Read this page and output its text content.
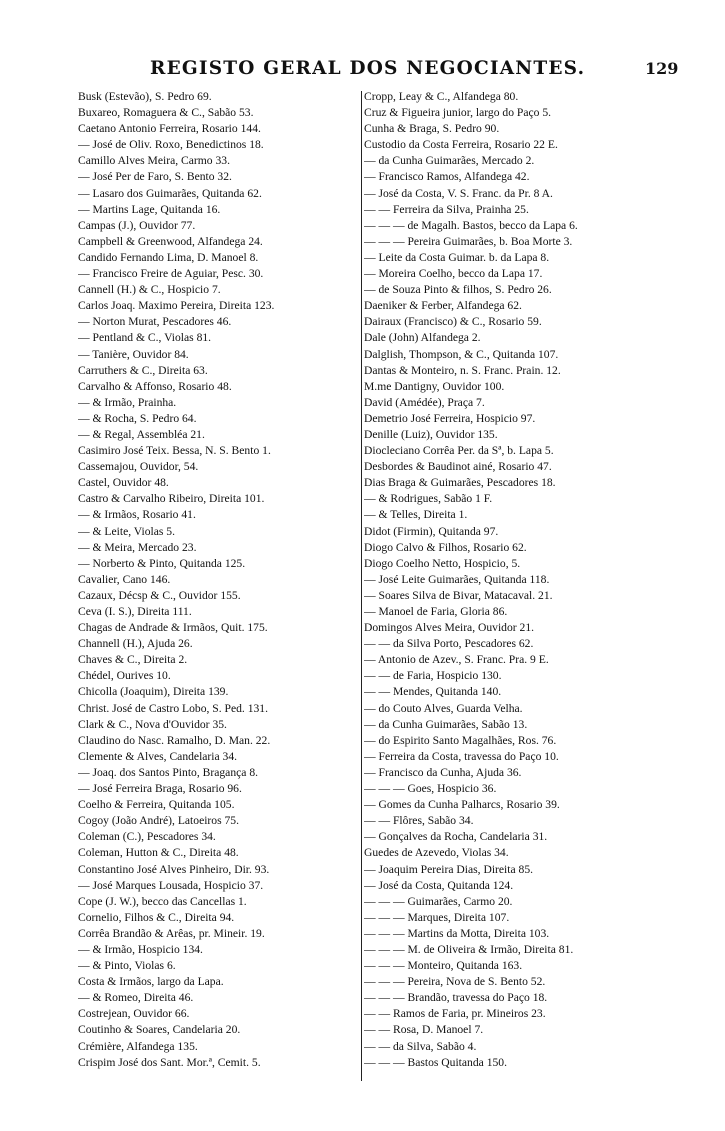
REGISTO GERAL DOS NEGOCIANTES.	129
Busk (Estevão), S. Pedro 69.
Buxareo, Romaguera & C., Sabão 53.
Caetano Antonio Ferreira, Rosario 144.
— José de Oliv. Roxo, Benedictinos 18.
Camillo Alves Meira, Carmo 33.
— José Per de Faro, S. Bento 32.
— Lasaro dos Guimarães, Quitanda 62.
— Martins Lage, Quitanda 16.
Campas (J.), Ouvidor 77.
Campbell & Greenwood, Alfandega 24.
Candido Fernando Lima, D. Manoel 8.
— Francisco Freire de Aguiar, Pesc. 30.
Cannell (H.) & C., Hospicio 7.
Carlos Joaq. Maximo Pereira, Direita 123.
— Norton Murat, Pescadores 46.
— Pentland & C., Violas 81.
— Tanière, Ouvidor 84.
Carruthers & C., Direita 63.
Carvalho & Affonso, Rosario 48.
— & Irmão, Prainha.
— & Rocha, S. Pedro 64.
— & Regal, Assembléa 21.
Casimiro José Teix. Bessa, N. S. Bento 1.
Cassemajou, Ouvidor, 54.
Castel, Ouvidor 48.
Castro & Carvalho Ribeiro, Direita 101.
— & Irmãos, Rosario 41.
— & Leite, Violas 5.
— & Meira, Mercado 23.
— Norberto & Pinto, Quitanda 125.
Cavalier, Cano 146.
Cazaux, Décsp & C., Ouvidor 155.
Ceva (I. S.), Direita 111.
Chagas de Andrade & Irmãos, Quit. 175.
Channell (H.), Ajuda 26.
Chaves & C., Direita 2.
Chédel, Ourives 10.
Chicolla (Joaquim), Direita 139.
Christ. José de Castro Lobo, S. Ped. 131.
Clark & C., Nova d'Ouvidor 35.
Claudino do Nasc. Ramalho, D. Man. 22.
Clemente & Alves, Candelaria 34.
— Joaq. dos Santos Pinto, Bragança 8.
— José Ferreira Braga, Rosario 96.
Coelho & Ferreira, Quitanda 105.
Cogoy (João André), Latoeiros 75.
Coleman (C.), Pescadores 34.
Coleman, Hutton & C., Direita 48.
Constantino José Alves Pinheiro, Dir. 93.
— José Marques Lousada, Hospicio 37.
Cope (J. W.), becco das Cancellas 1.
Cornelio, Filhos & C., Direita 94.
Corrêa Brandão & Arêas, pr. Mineir. 19.
— & Irmão, Hospicio 134.
— & Pinto, Violas 6.
Costa & Irmãos, largo da Lapa.
— & Romeo, Direita 46.
Costrejean, Ouvidor 66.
Coutinho & Soares, Candelaria 20.
Crémière, Alfandega 135.
Crispim José dos Sant. Mor.ª, Cemit. 5.
Cropp, Leay & C., Alfandega 80.
Cruz & Figueira junior, largo do Paço 5.
Cunha & Braga, S. Pedro 90.
Custodio da Costa Ferreira, Rosario 22 E.
— da Cunha Guimarães, Mercado 2.
— Francisco Ramos, Alfandega 42.
— José da Costa, V. S. Franc. da Pr. 8 A.
— — Ferreira da Silva, Prainha 25.
— — — de Magalh. Bastos, becco da Lapa 6.
— — — Pereira Guimarães, b. Boa Morte 3.
— Leite da Costa Guimar. b. da Lapa 8.
— Moreira Coelho, becco da Lapa 17.
— de Souza Pinto & filhos, S. Pedro 26.
Daeniker & Ferber, Alfandega 62.
Dairaux (Francisco) & C., Rosario 59.
Dale (John) Alfandega 2.
Dalglish, Thompson, & C., Quitanda 107.
Dantas & Monteiro, n. S. Franc. Prain. 12.
M.me Dantigny, Ouvidor 100.
David (Amédée), Praça 7.
Demetrio José Ferreira, Hospicio 97.
Denille (Luiz), Ouvidor 135.
Diocleciano Corrêa Per. da Sª, b. Lapa 5.
Desbordes & Baudinot ainé, Rosario 47.
Dias Braga & Guimarães, Pescadores 18.
— & Rodrigues, Sabão 1 F.
— & Telles, Direita 1.
Didot (Firmin), Quitanda 97.
Diogo Calvo & Filhos, Rosario 62.
Diogo Coelho Netto, Hospicio, 5.
— José Leite Guimarães, Quitanda 118.
— Soares Silva de Bivar, Matacaval. 21.
— Manoel de Faria, Gloria 86.
Domingos Alves Meira, Ouvidor 21.
— — da Silva Porto, Pescadores 62.
— Antonio de Azev., S. Franc. Pra. 9 E.
— — de Faria, Hospicio 130.
— — Mendes, Quitanda 140.
— do Couto Alves, Guarda Velha.
— da Cunha Guimarães, Sabão 13.
— do Espirito Santo Magalhães, Ros. 76.
— Ferreira da Costa, travessa do Paço 10.
— Francisco da Cunha, Ajuda 36.
— — — Goes, Hospicio 36.
— Gomes da Cunha Palharcs, Rosario 39.
— — Flôres, Sabão 34.
— Gonçalves da Rocha, Candelaria 31.
Guedes de Azevedo, Violas 34.
— Joaquim Pereira Dias, Direita 85.
— José da Costa, Quitanda 124.
— — — Guimarães, Carmo 20.
— — — Marques, Direita 107.
— — — Martins da Motta, Direita 103.
— — — M. de Oliveira & Irmão, Direita 81.
— — — Monteiro, Quitanda 163.
— — — Pereira, Nova de S. Bento 52.
— — — Brandão, travessa do Paço 18.
— — Ramos de Faria, pr. Mineiros 23.
— — Rosa, D. Manoel 7.
— — da Silva, Sabão 4.
— — — Bastos Quitanda 150.
